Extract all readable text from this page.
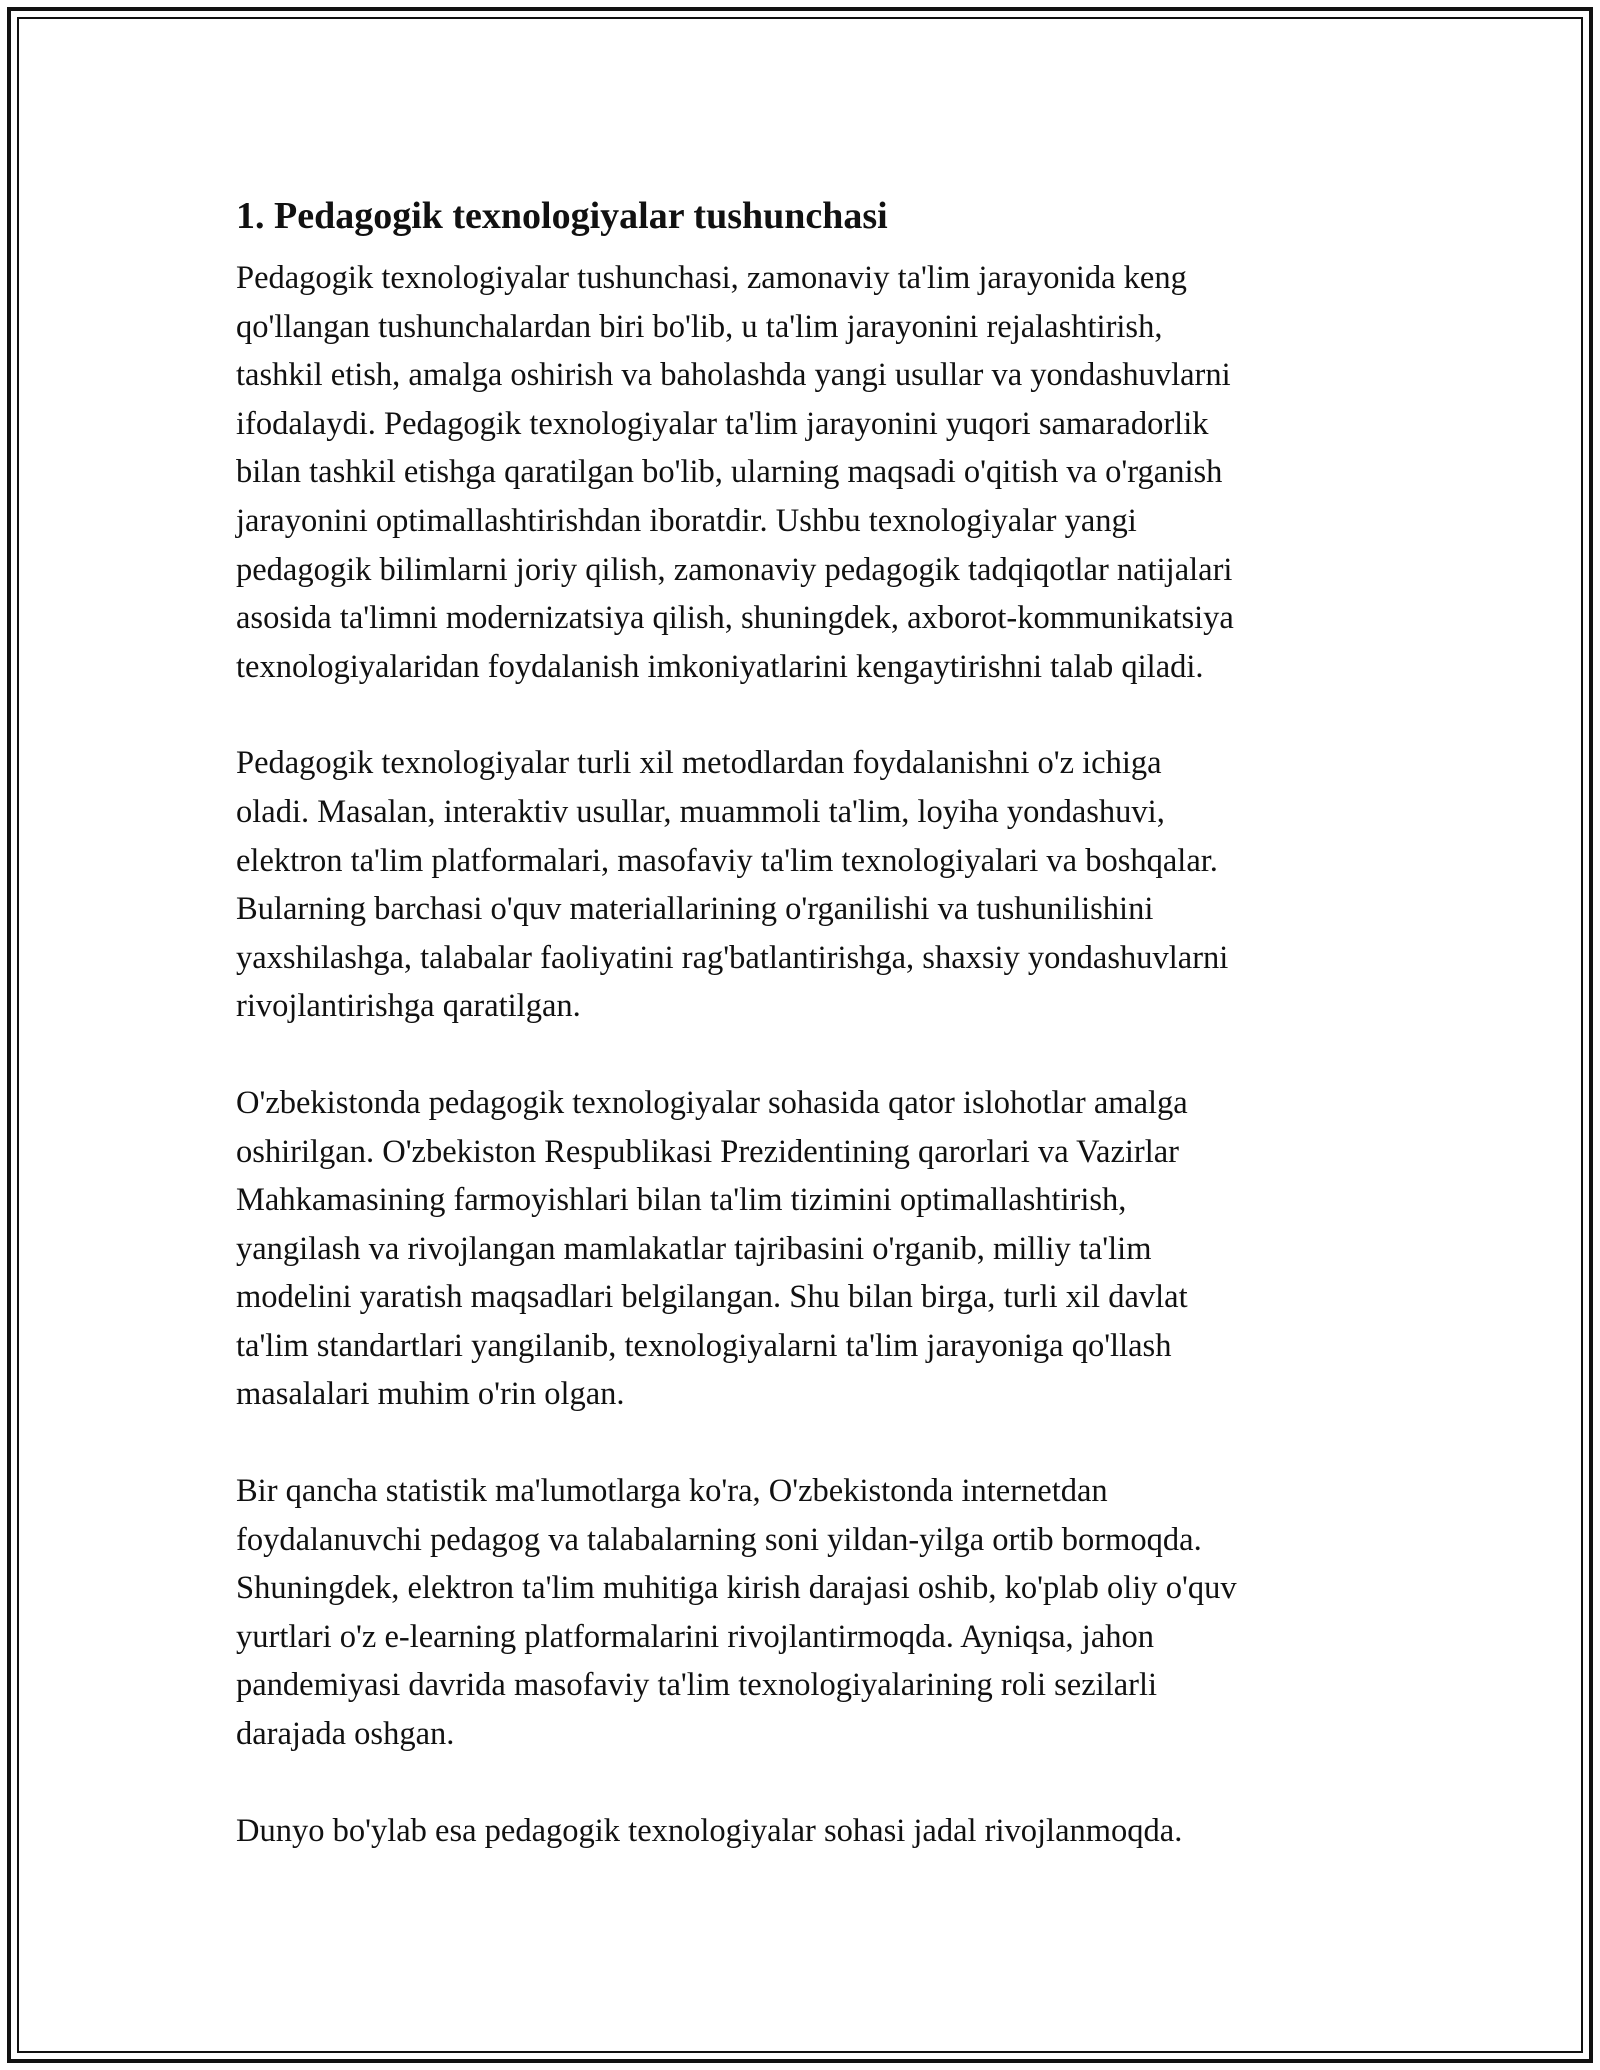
1. Pedagogik texnologiyalar tushunchasi

Pedagogik texnologiyalar tushunchasi, zamonaviy ta'lim jarayonida keng
qo'llangan tushunchalardan biri bo'lib, u ta'lim jarayonini rejalashtirish,
tashkil etish, amalga oshirish va baholashda yangi usullar va yondashuvlarni
ifodalaydi. Pedagogik texnologiyalar ta'lim jarayonini yuqori samaradorlik
bilan tashkil etishga qaratilgan bo'lib, ularning maqsadi o'qitish va o'rganish
jarayonini optimallashtirishdan iboratdir. Ushbu texnologiyalar yangi
pedagogik bilimlarni joriy qilish, zamonaviy pedagogik tadqiqotlar natijalari
asosida ta'limni modernizatsiya qilish, shuningdek, axborot-kommunikatsiya
texnologiyalaridan foydalanish imkoniyatlarini kengaytirishni talab qiladi.

Pedagogik texnologiyalar turli xil metodlardan foydalanishni o'z ichiga
oladi. Masalan, interaktiv usullar, muammoli ta'lim, loyiha yondashuvi,
elektron ta'lim platformalari, masofaviy ta'lim texnologiyalari va boshqalar.
Bularning barchasi o'quv materiallarining o'rganilishi va tushunilishini
yaxshilashga, talabalar faoliyatini rag'batlantirishga, shaxsiy yondashuvlarni
rivojlantirishga qaratilgan.

O'zbekistonda pedagogik texnologiyalar sohasida qator islohotlar amalga
oshirilgan. O'zbekiston Respublikasi Prezidentining qarorlari va Vazirlar
Mahkamasining farmoyishlari bilan ta'lim tizimini optimallashtirish,
yangilash va rivojlangan mamlakatlar tajribasini o'rganib, milliy ta'lim
modelini yaratish maqsadlari belgilangan. Shu bilan birga, turli xil davlat
ta'lim standartlari yangilanib, texnologiyalarni ta'lim jarayoniga qo'llash
masalalari muhim o'rin olgan.

Bir qancha statistik ma'lumotlarga ko'ra, O'zbekistonda internetdan
foydalanuvchi pedagog va talabalarning soni yildan-yilga ortib bormoqda.
Shuningdek, elektron ta'lim muhitiga kirish darajasi oshib, ko'plab oliy o'quv
yurtlari o'z e-learning platformalarini rivojlantirmoqda. Ayniqsa, jahon
pandemiyasi davrida masofaviy ta'lim texnologiyalarining roli sezilarli
darajada oshgan.

Dunyo bo'ylab esa pedagogik texnologiyalar sohasi jadal rivojlanmoqda.
